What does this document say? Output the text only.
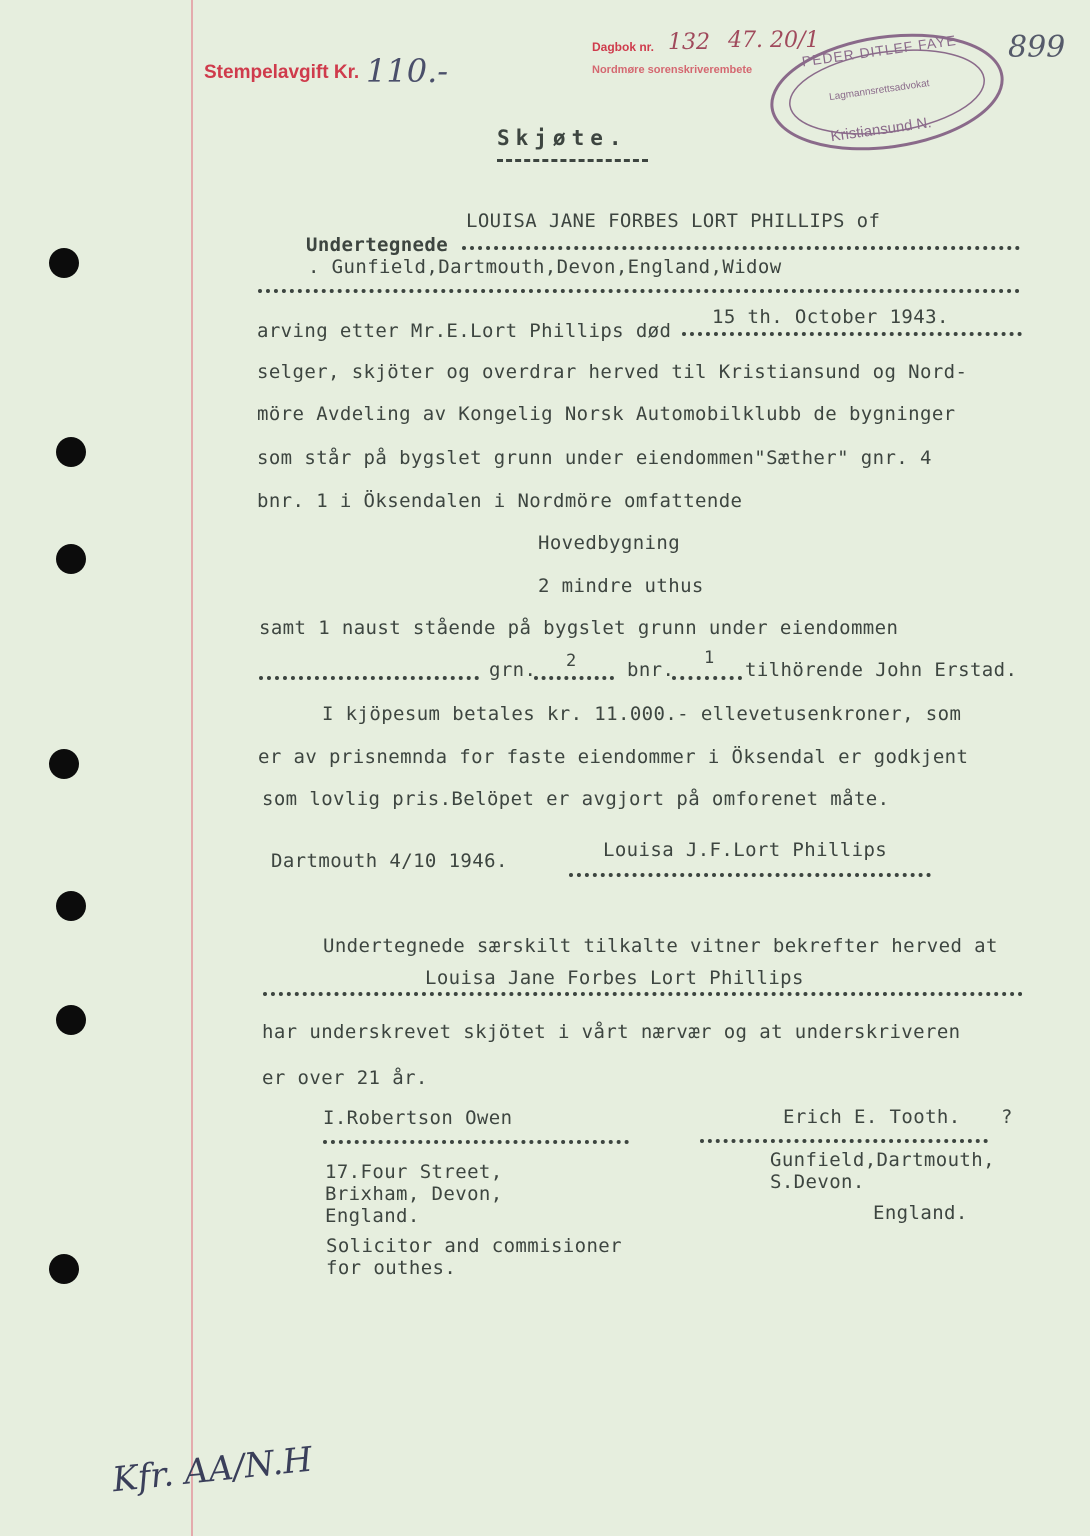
Stempelavgift Kr. 110.-
Dagbok nr. 132 47. 20/1
Nordmøre sorenskriverembete
899
PEDER DITLEF FAYE
Lagmannsrettsadvokat
Kristiansund N.
Skjøte.
LOUISA JANE FORBES LORT PHILLIPS of
Undertegnede
. Gunfield,Dartmouth,Devon,England,Widow
arving etter Mr.E.Lort Phillips død
15 th. October 1943.
selger, skjöter og overdrar herved til Kristiansund og Nord-
möre Avdeling av Kongelig Norsk Automobilklubb de bygninger
som står på bygslet grunn under eiendommen"Sæther" gnr. 4
bnr. 1 i Öksendalen i Nordmöre omfattende
Hovedbygning
2 mindre uthus
samt 1 naust stående på bygslet grunn under eiendommen
grn. 2	bnr.
1
tilhörende John Erstad.
I kjöpesum betales kr. 11.000.- ellevetusenkroner, som
er av prisnemnda for faste eiendommer i Öksendal er godkjent
som lovlig pris.Belöpet er avgjort på omforenet måte.
Dartmouth 4/10 1946.	Louisa J.F.Lort Phillips
Undertegnede særskilt tilkalte vitner bekrefter herved at
Louisa Jane Forbes Lort Phillips
har underskrevet skjötet i vårt nærvær og at underskriveren
er over 21 år.
I.Robertson Owen
17.Four Street,
Brixham, Devon,
England.
Solicitor and commisioner
for outhes.
Erich E. Tooth. ?
Gunfield,Dartmouth,
S.Devon.
England.
Kfr. AA/N.H
